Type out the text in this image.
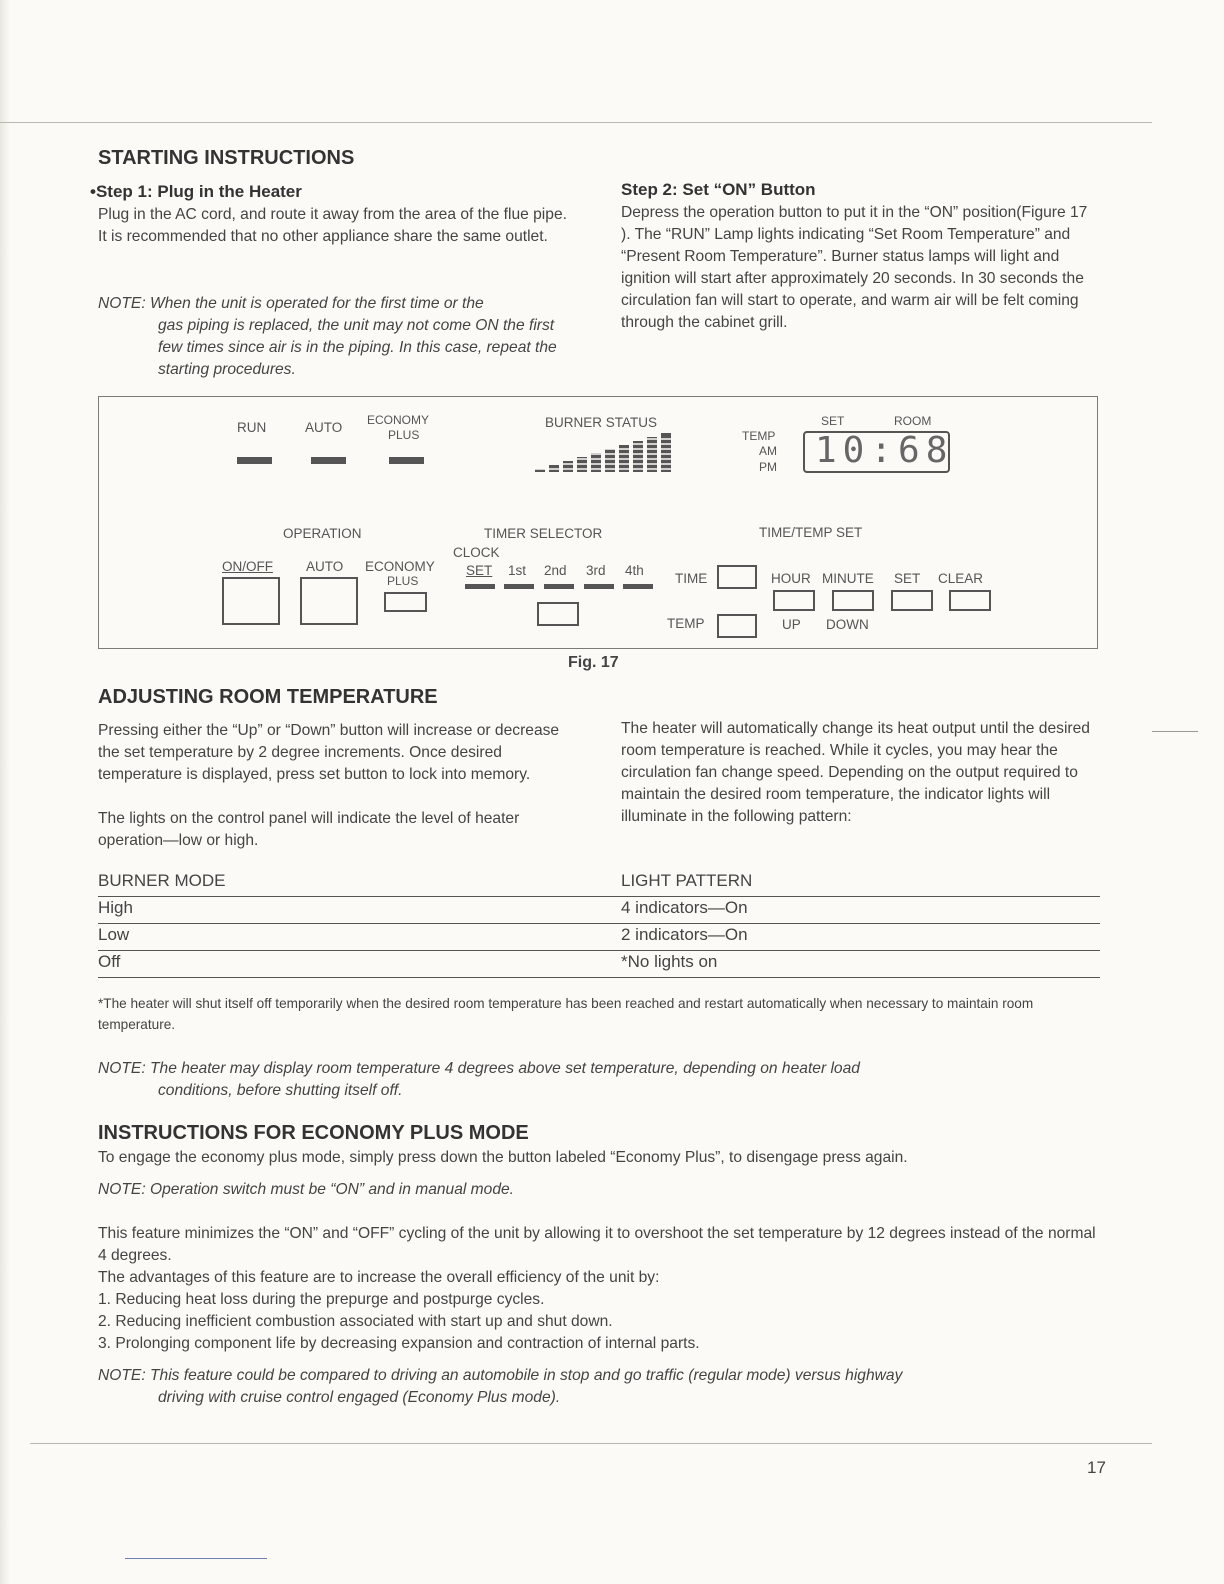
STARTING INSTRUCTIONS
•Step 1: Plug in the Heater

Plug in the AC cord, and route it away from the area of the flue pipe. It is recommended that no other appliance share the same outlet.

NOTE: When the unit is operated for the first time or the
gas piping is replaced, the unit may not come ON the first few times since air is in the piping. In this case, repeat the starting procedures.
Step 2: Set “ON” Button

Depress the operation button to put it in the “ON” position(Figure 17 ). The “RUN” Lamp lights indicating “Set Room Temperature” and “Present Room Temperature”. Burner status lamps will light and ignition will start after approximately 20 seconds. In 30 seconds the circulation fan will start to operate, and warm air will be felt coming through the cabinet grill.

RUN	AUTO ECONOMY
PLUS
BURNER STATUS
TEMP
AM
PM
SET	ROOM
10:68
OPERATION	TIMER SELECTOR
CLOCK
TIME/TEMP SET
ON/OFF AUTO ECONOMY
PLUS
SET 1st 2nd 3rd 4th
TIME
TEMP
HOUR MINUTE SET CLEAR
UP DOWN
Fig. 17
ADJUSTING ROOM TEMPERATURE

Pressing either the “Up” or “Down” button will increase or decrease the set temperature by 2 degree increments. Once desired temperature is displayed, press set button to lock into memory.

The lights on the control panel will indicate the level of heater operation—low or high.

The heater will automatically change its heat output until the desired room temperature is reached. While it cycles, you may hear the circulation fan change speed. Depending on the output required to maintain the desired room temperature, the indicator lights will illuminate in the following pattern:

BURNER MODE	LIGHT PATTERN
High	4 indicators—On
Low	2 indicators—On
Off	*No lights on

*The heater will shut itself off temporarily when the desired room temperature has been reached and restart automatically when necessary to maintain room temperature.

NOTE: The heater may display room temperature 4 degrees above set temperature, depending on heater load
conditions, before shutting itself off.
INSTRUCTIONS FOR ECONOMY PLUS MODE

To engage the economy plus mode, simply press down the button labeled “Economy Plus”, to disengage press again.

NOTE: Operation switch must be “ON” and in manual mode.

This feature minimizes the “ON” and “OFF” cycling of the unit by allowing it to overshoot the set temperature by 12 degrees instead of the normal 4 degrees.

The advantages of this feature are to increase the overall efficiency of the unit by:

1. Reducing heat loss during the prepurge and postpurge cycles.

2. Reducing inefficient combustion associated with start up and shut down.

3. Prolonging component life by decreasing expansion and contraction of internal parts.

NOTE: This feature could be compared to driving an automobile in stop and go traffic (regular mode) versus highway
driving with cruise control engaged (Economy Plus mode).
17
